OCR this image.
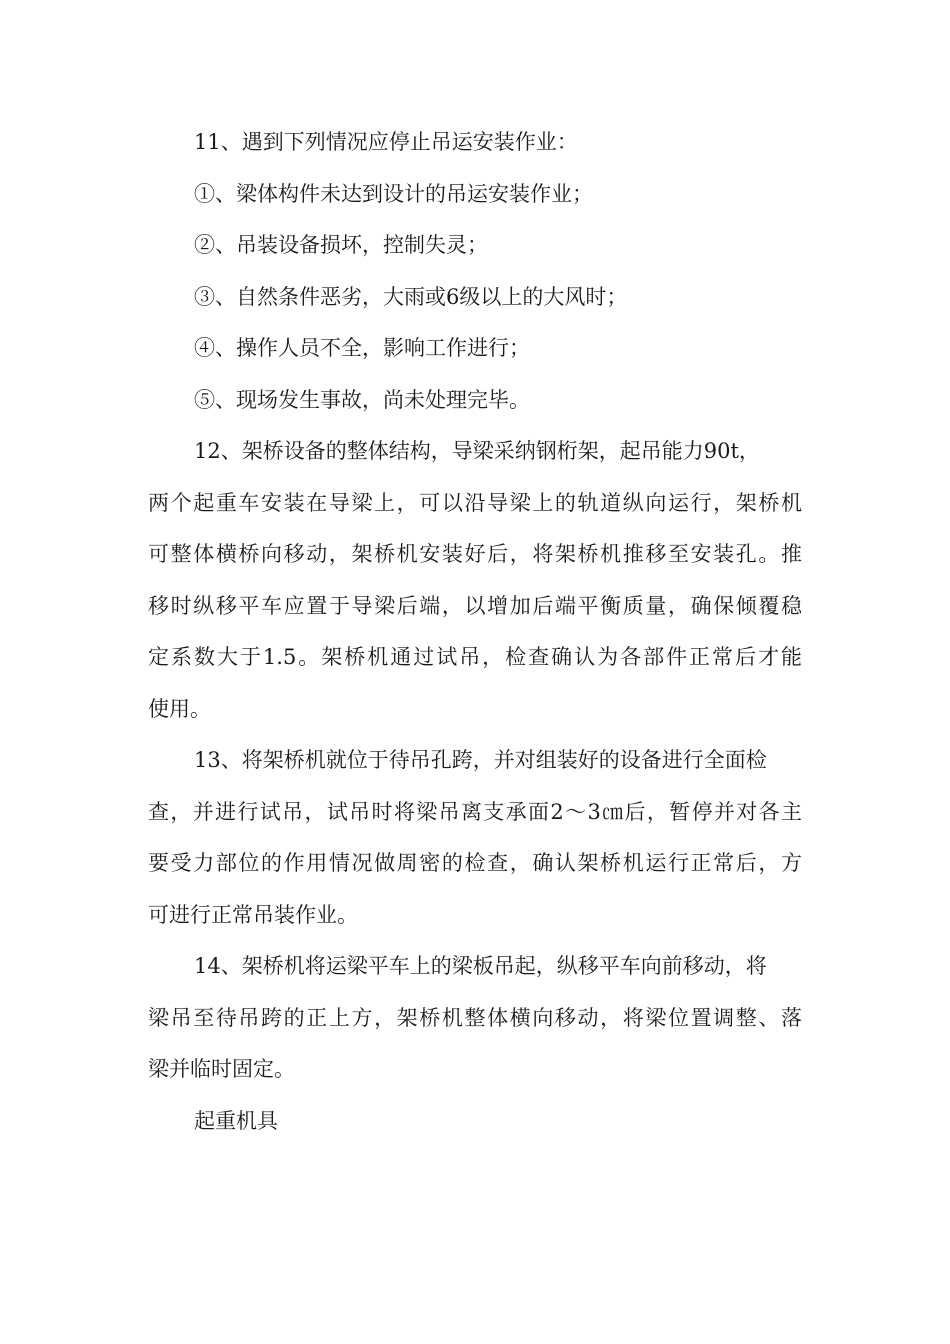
11、遇到下列情况应停止吊运安装作业：
①、梁体构件未达到设计的吊运安装作业；
②、吊装设备损坏，控制失灵；
③、自然条件恶劣，大雨或6级以上的大风时；
④、操作人员不全，影响工作进行；
⑤、现场发生事故，尚未处理完毕。
12、架桥设备的整体结构，导梁采纳钢桁架，起吊能力90t，
两个起重车安装在导梁上，可以沿导梁上的轨道纵向运行，架桥机
可整体横桥向移动，架桥机安装好后，将架桥机推移至安装孔。推
移时纵移平车应置于导梁后端，以增加后端平衡质量，确保倾覆稳
定系数大于1.5。架桥机通过试吊，检查确认为各部件正常后才能
使用。
13、将架桥机就位于待吊孔跨，并对组装好的设备进行全面检
查，并进行试吊，试吊时将梁吊离支承面2～3㎝后，暂停并对各主
要受力部位的作用情况做周密的检查，确认架桥机运行正常后，方
可进行正常吊装作业。
14、架桥机将运梁平车上的梁板吊起，纵移平车向前移动，将
梁吊至待吊跨的正上方，架桥机整体横向移动，将梁位置调整、落
梁并临时固定。
起重机具
